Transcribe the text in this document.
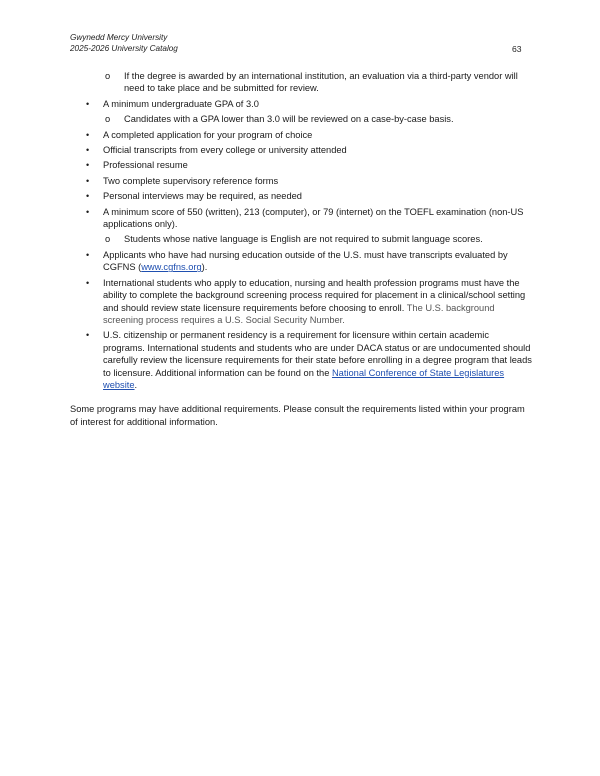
Gwynedd Mercy University
2025-2026 University Catalog	63
o	If the degree is awarded by an international institution, an evaluation via a third-party vendor will need to take place and be submitted for review.
•	A minimum undergraduate GPA of 3.0
o	Candidates with a GPA lower than 3.0 will be reviewed on a case-by-case basis.
•	A completed application for your program of choice
•	Official transcripts from every college or university attended
•	Professional resume
•	Two complete supervisory reference forms
•	Personal interviews may be required, as needed
•	A minimum score of 550 (written), 213 (computer), or 79 (internet) on the TOEFL examination (non-US applications only).
o	Students whose native language is English are not required to submit language scores.
•	Applicants who have had nursing education outside of the U.S. must have transcripts evaluated by CGFNS (www.cgfns.org).
•	International students who apply to education, nursing and health profession programs must have the ability to complete the background screening process required for placement in a clinical/school setting and should review state licensure requirements before choosing to enroll. The U.S. background screening process requires a U.S. Social Security Number.
•	U.S. citizenship or permanent residency is a requirement for licensure within certain academic programs. International students and students who are under DACA status or are undocumented should carefully review the licensure requirements for their state before enrolling in a degree program that leads to licensure. Additional information can be found on the National Conference of State Legislatures website.

Some programs may have additional requirements. Please consult the requirements listed within your program of interest for additional information.
